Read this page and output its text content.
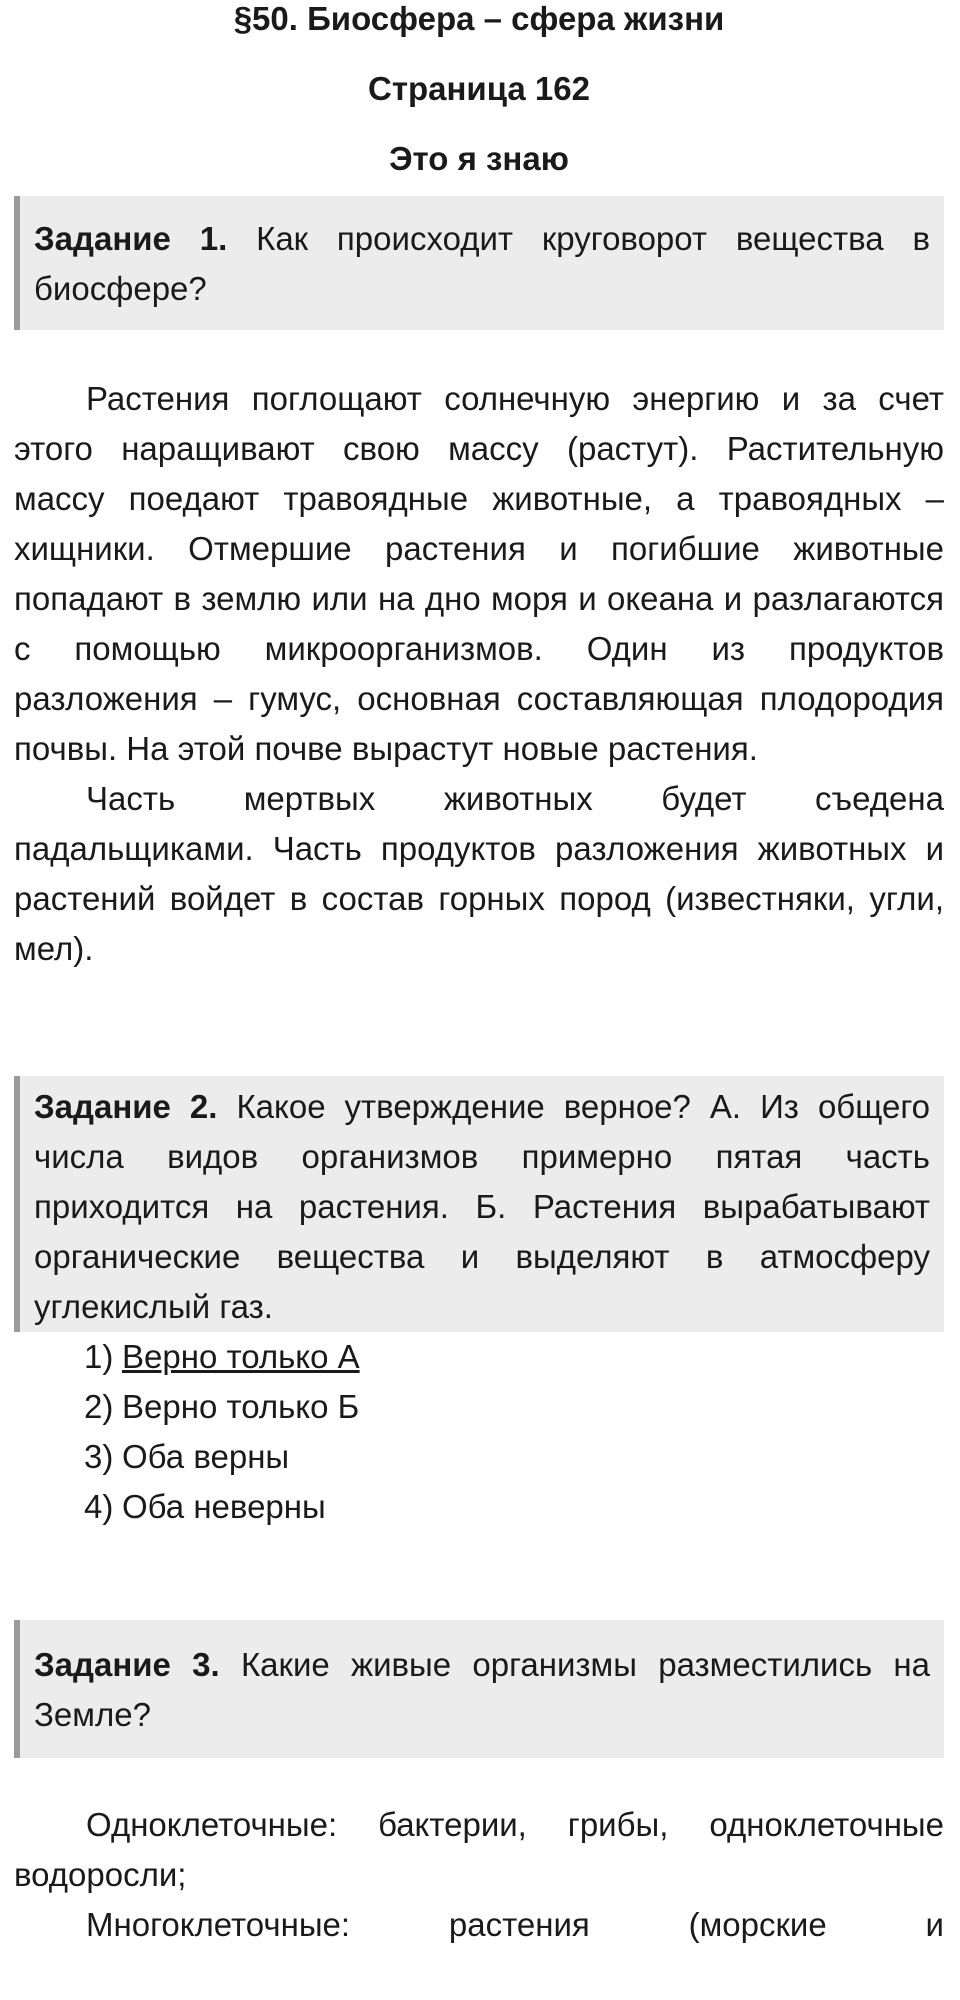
§50. Биосфера – сфера жизни
Страница 162
Это я знаю
Задание 1. Как происходит круговорот вещества в биосфере?

Растения поглощают солнечную энергию и за счет этого наращивают свою массу (растут). Растительную массу поедают травоядные животные, а травоядных – хищники. Отмершие растения и погибшие животные попадают в землю или на дно моря и океана и разлагаются с помощью микроорганизмов. Один из продуктов разложения – гумус, основная составляющая плодородия почвы. На этой почве вырастут новые растения.

Часть мертвых животных будет съедена падальщиками. Часть продуктов разложения животных и растений войдет в состав горных пород (известняки, угли, мел).

Задание 2. Какое утверждение верное? А. Из общего числа видов организмов примерно пятая часть приходится на растения. Б. Растения вырабатывают органические вещества и выделяют в атмосферу углекислый газ.
1) Верно только А
2) Верно только Б
3) Оба верны
4) Оба неверны
Задание 3. Какие живые организмы разместились на Земле?

Одноклеточные: бактерии, грибы, одноклеточные водоросли;

Многоклеточные: растения (морские и
